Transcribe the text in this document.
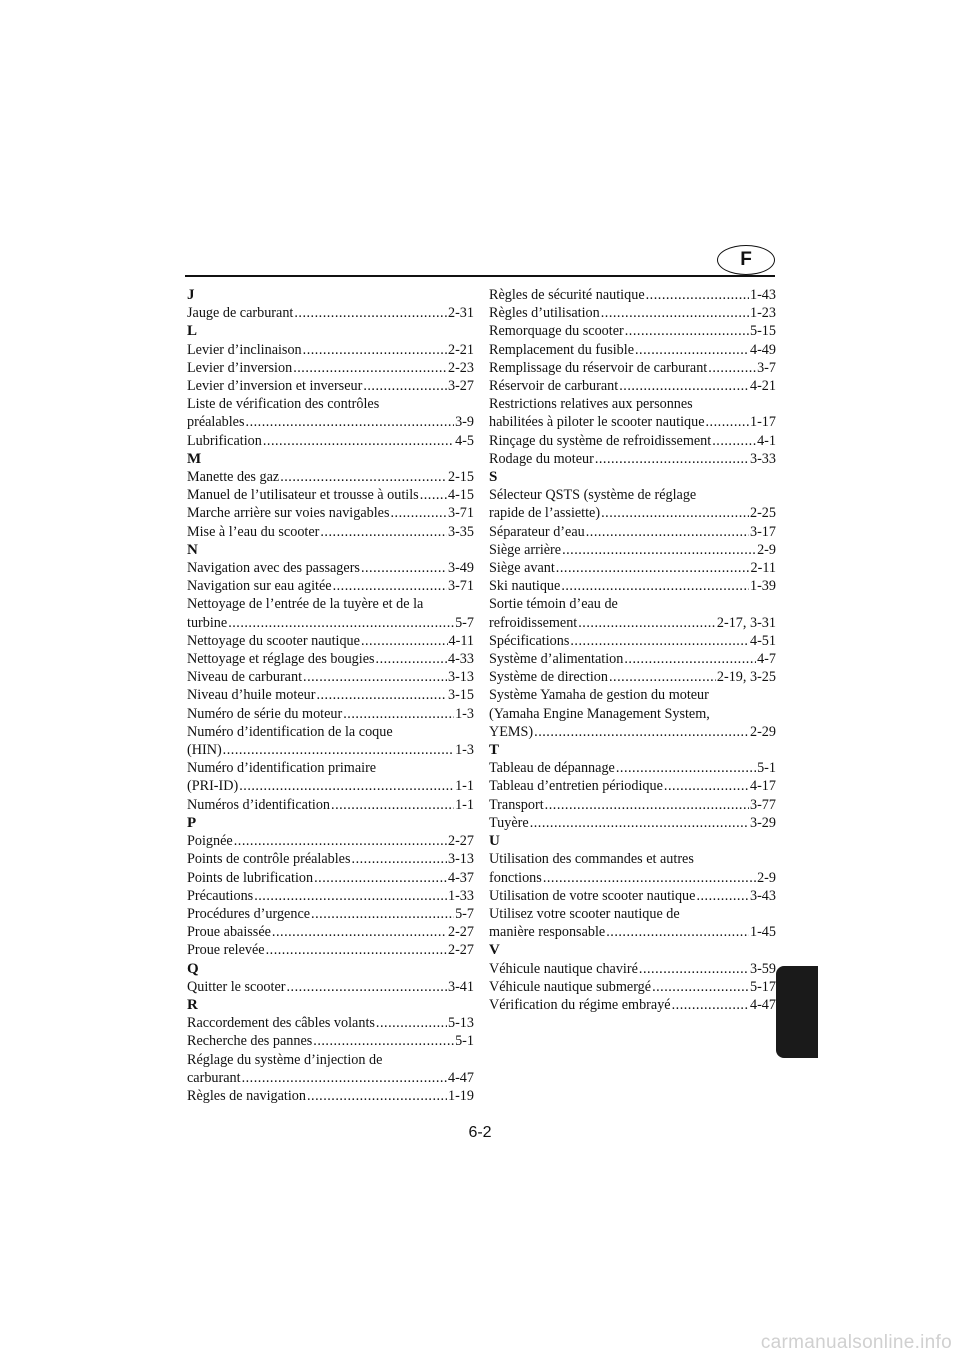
F
J
Jauge de carburant .....	2-31
L
Levier d’inclinaison .....	2-21
Levier d’inversion .....	2-23
Levier d’inversion et inverseur .....	3-27
Liste de vérification des contrôles
préalables .....	3-9
Lubrification .....	4-5
M
Manette des gaz .....	2-15
Manuel de l’utilisateur et trousse à outils ..... 4-15
Marche arrière sur voies navigables .....	3-71
Mise à l’eau du scooter .....	3-35
N
Navigation avec des passagers .....	3-49
Navigation sur eau agitée .....	3-71
Nettoyage de l’entrée de la tuyère et de la
turbine .....	5-7
Nettoyage du scooter nautique .....	4-11
Nettoyage et réglage des bougies .....	4-33
Niveau de carburant .....	3-13
Niveau d’huile moteur .....	3-15
Numéro de série du moteur .....	1-3
Numéro d’identification de la coque
(HIN) .....	1-3
Numéro d’identification primaire
(PRI-ID) .....	1-1
Numéros d’identification .....	1-1
P
Poignée .....	2-27
Points de contrôle préalables .....	3-13
Points de lubrification .....	4-37
Précautions .....	1-33
Procédures d’urgence .....	5-7
Proue abaissée .....	2-27
Proue relevée .....	2-27
Q
Quitter le scooter .....	3-41
R
Raccordement des câbles volants .....	5-13
Recherche des pannes .....	5-1
Réglage du système d’injection de
carburant .....	4-47
Règles de navigation .....	1-19
Règles de sécurité nautique .....	1-43
Règles d’utilisation .....	1-23
Remorquage du scooter .....	5-15
Remplacement du fusible .....	4-49
Remplissage du réservoir de carburant .....	3-7
Réservoir de carburant .....	4-21
Restrictions relatives aux personnes
habilitées à piloter le scooter nautique .....	1-17
Rinçage du système de refroidissement .....	4-1
Rodage du moteur .....	3-33
S
Sélecteur QSTS (système de réglage
rapide de l’assiette) .....	2-25
Séparateur d’eau .....	3-17
Siège arrière .....	2-9
Siège avant .....	2-11
Ski nautique .....	1-39
Sortie témoin d’eau de
refroidissement .....	2-17, 3-31
Spécifications .....	4-51
Système d’alimentation .....	4-7
Système de direction .....	2-19, 3-25
Système Yamaha de gestion du moteur
(Yamaha Engine Management System,
YEMS) .....	2-29
T
Tableau de dépannage .....	5-1
Tableau d’entretien périodique .....	4-17
Transport .....	3-77
Tuyère .....	3-29
U
Utilisation des commandes et autres
fonctions .....	2-9
Utilisation de votre scooter nautique .....	3-43
Utilisez votre scooter nautique de
manière responsable .....	1-45
V
Véhicule nautique chaviré .....	3-59
Véhicule nautique submergé .....	5-17
Vérification du régime embrayé .....	4-47
6-2
carmanualsonline.info
